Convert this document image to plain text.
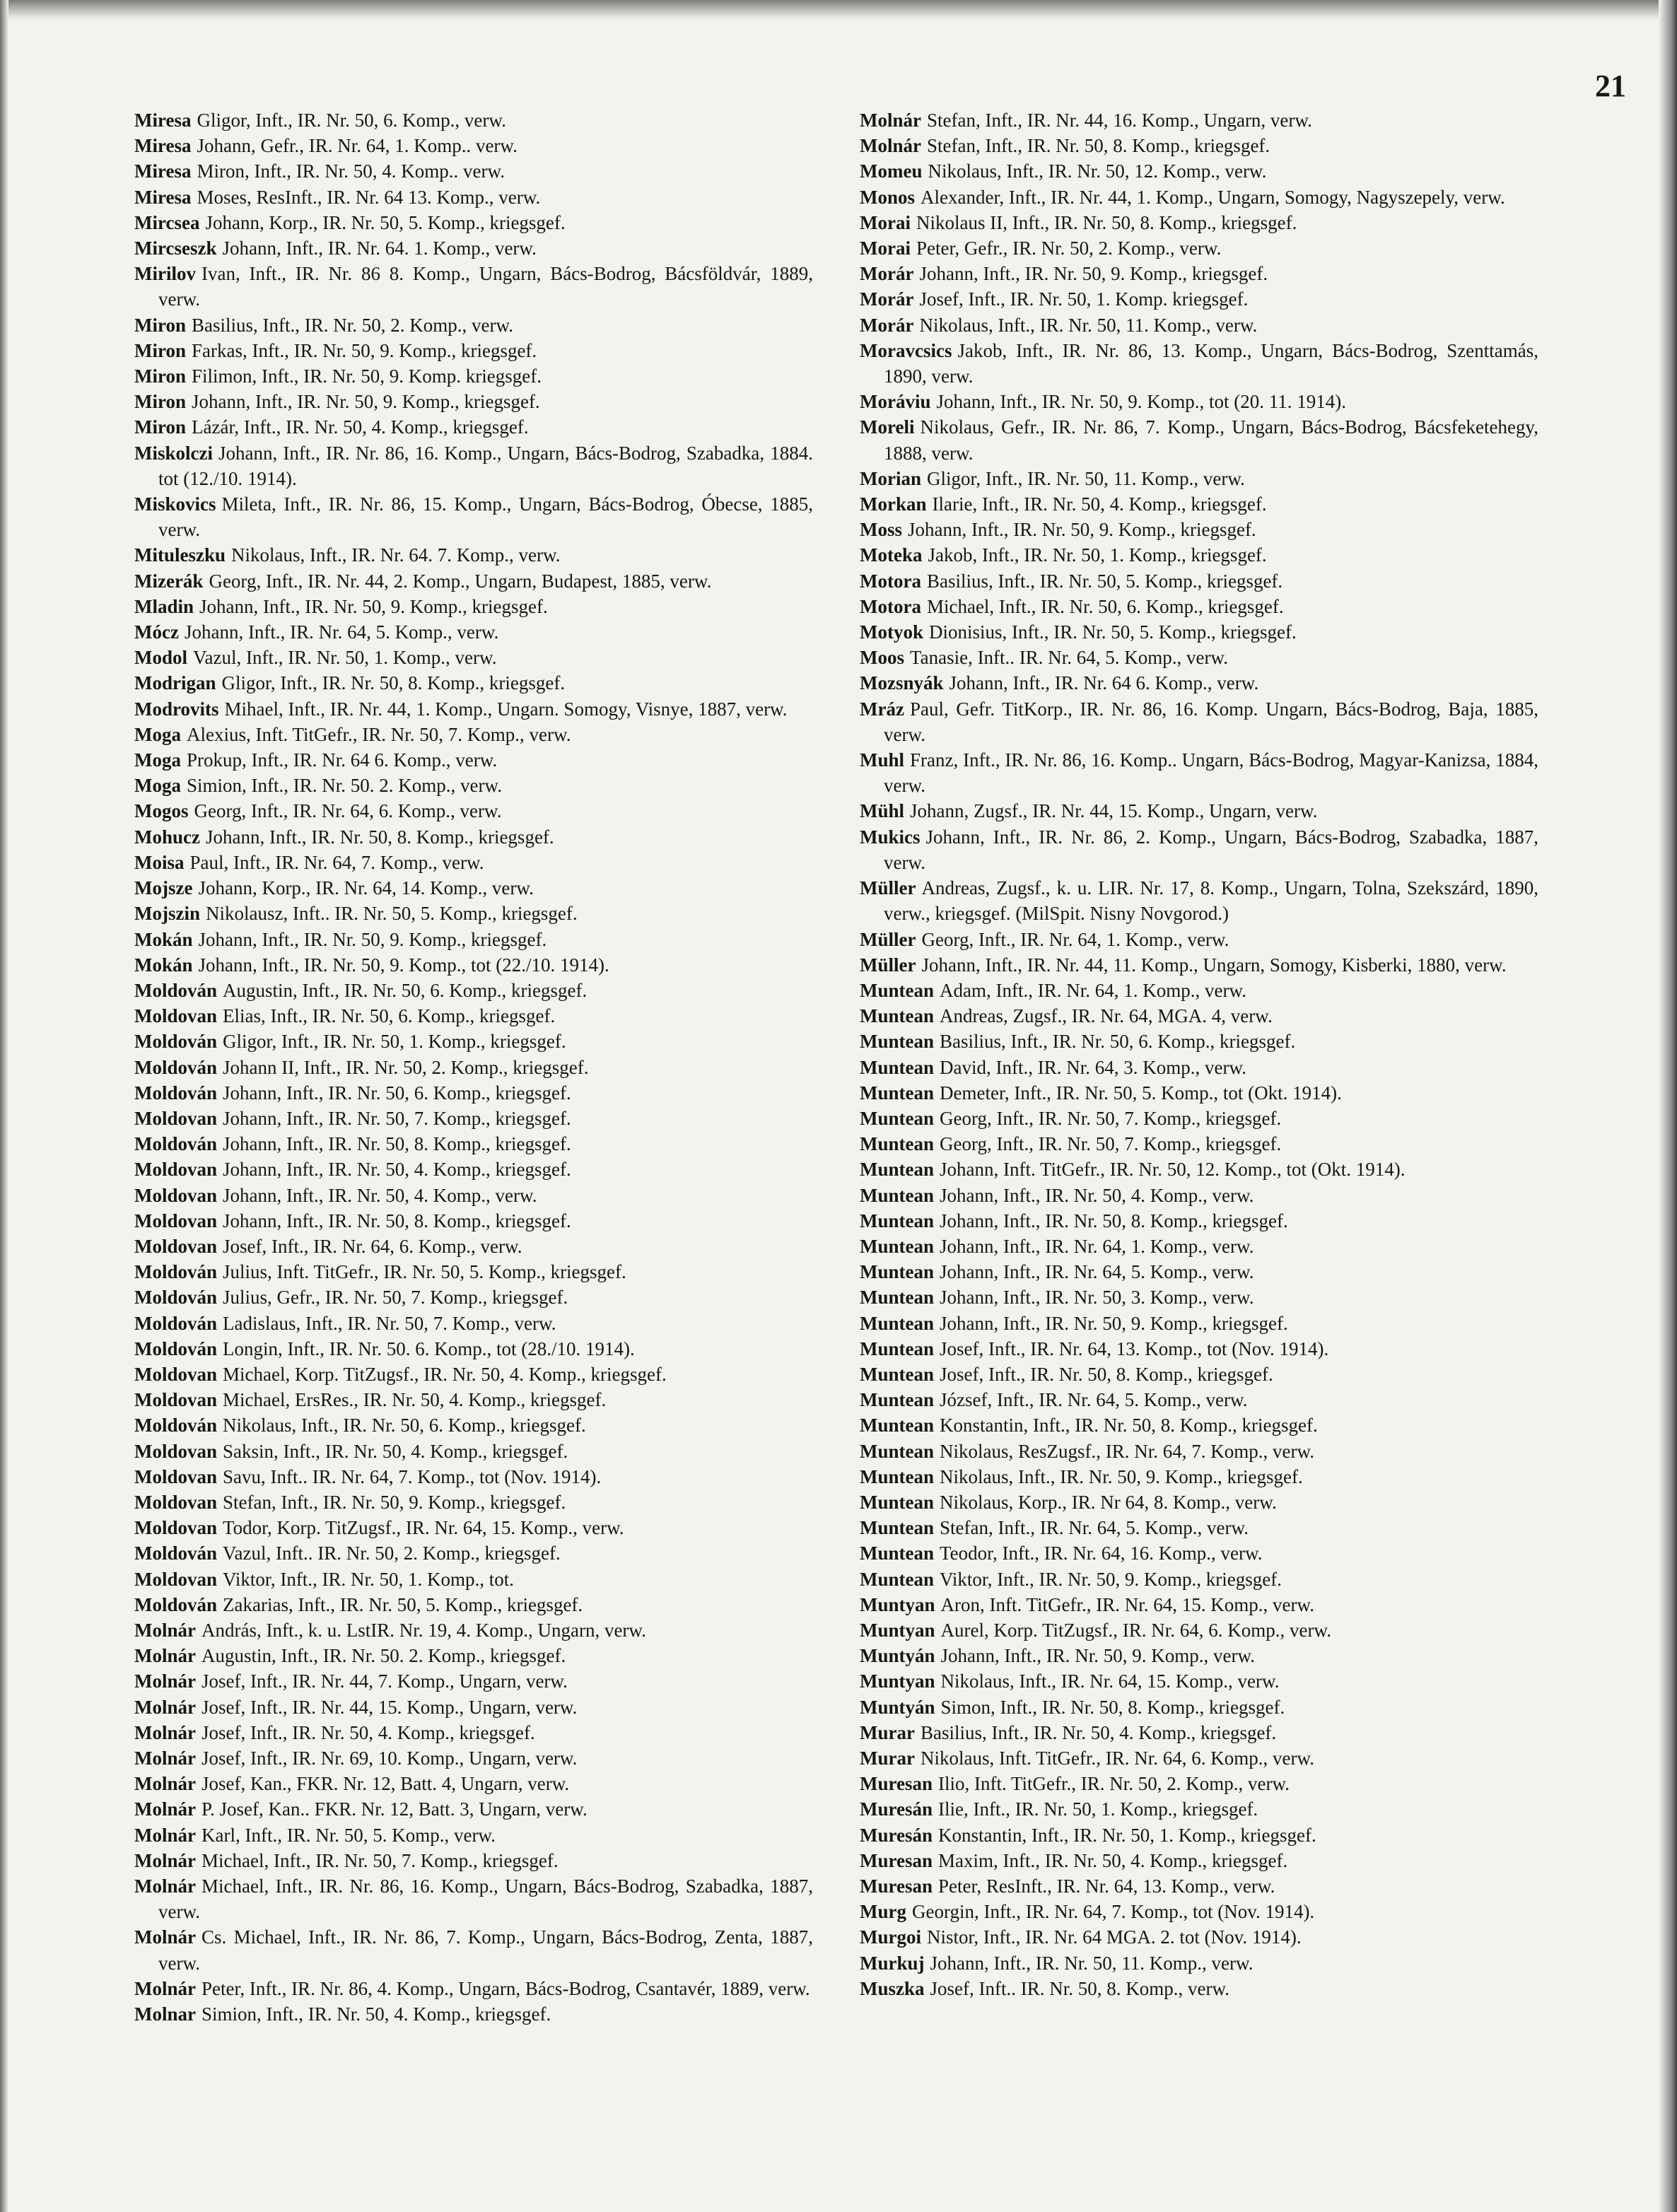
21
Miresa Gligor, Inft., IR. Nr. 50, 6. Komp., verw.
Miresa Johann, Gefr., IR. Nr. 64, 1. Komp.. verw.
Miresa Miron, Inft., IR. Nr. 50, 4. Komp.. verw.
Miresa Moses, ResInft., IR. Nr. 64 13. Komp., verw.
Mircsea Johann, Korp., IR. Nr. 50, 5. Komp., kriegsgef.
Mircseszk Johann, Inft., IR. Nr. 64. 1. Komp., verw.
Mirilov Ivan, Inft., IR. Nr. 86 8. Komp., Ungarn, Bács-Bodrog, Bácsföldvár, 1889, verw.
Miron Basilius, Inft., IR. Nr. 50, 2. Komp., verw.
Miron Farkas, Inft., IR. Nr. 50, 9. Komp., kriegsgef.
Miron Filimon, Inft., IR. Nr. 50, 9. Komp. kriegsgef.
Miron Johann, Inft., IR. Nr. 50, 9. Komp., kriegsgef.
Miron Lázár, Inft., IR. Nr. 50, 4. Komp., kriegsgef.
Miskolczi Johann, Inft., IR. Nr. 86, 16. Komp., Ungarn, Bács-Bodrog, Szabadka, 1884. tot (12./10. 1914).
Miskovics Mileta, Inft., IR. Nr. 86, 15. Komp., Ungarn, Bács-Bodrog, Óbecse, 1885, verw.
Mituleszku Nikolaus, Inft., IR. Nr. 64. 7. Komp., verw.
Mizerák Georg, Inft., IR. Nr. 44, 2. Komp., Ungarn, Budapest, 1885, verw.
Mladin Johann, Inft., IR. Nr. 50, 9. Komp., kriegsgef.
Mócz Johann, Inft., IR. Nr. 64, 5. Komp., verw.
Modol Vazul, Inft., IR. Nr. 50, 1. Komp., verw.
Modrigan Gligor, Inft., IR. Nr. 50, 8. Komp., kriegsgef.
Modrovits Mihael, Inft., IR. Nr. 44, 1. Komp., Ungarn. Somogy, Visnye, 1887, verw.
Moga Alexius, Inft. TitGefr., IR. Nr. 50, 7. Komp., verw.
Moga Prokup, Inft., IR. Nr. 64 6. Komp., verw.
Moga Simion, Inft., IR. Nr. 50. 2. Komp., verw.
Mogos Georg, Inft., IR. Nr. 64, 6. Komp., verw.
Mohucz Johann, Inft., IR. Nr. 50, 8. Komp., kriegsgef.
Moisa Paul, Inft., IR. Nr. 64, 7. Komp., verw.
Mojsze Johann, Korp., IR. Nr. 64, 14. Komp., verw.
Mojszin Nikolausz, Inft.. IR. Nr. 50, 5. Komp., kriegsgef.
Mokán Johann, Inft., IR. Nr. 50, 9. Komp., kriegsgef.
Mokán Johann, Inft., IR. Nr. 50, 9. Komp., tot (22./10. 1914).
Moldován Augustin, Inft., IR. Nr. 50, 6. Komp., kriegsgef.
Moldovan Elias, Inft., IR. Nr. 50, 6. Komp., kriegsgef.
Moldován Gligor, Inft., IR. Nr. 50, 1. Komp., kriegsgef.
Moldován Johann II, Inft., IR. Nr. 50, 2. Komp., kriegsgef.
Moldován Johann, Inft., IR. Nr. 50, 6. Komp., kriegsgef.
Moldovan Johann, Inft., IR. Nr. 50, 7. Komp., kriegsgef.
Moldován Johann, Inft., IR. Nr. 50, 8. Komp., kriegsgef.
Moldovan Johann, Inft., IR. Nr. 50, 4. Komp., kriegsgef.
Moldovan Johann, Inft., IR. Nr. 50, 4. Komp., verw.
Moldovan Johann, Inft., IR. Nr. 50, 8. Komp., kriegsgef.
Moldovan Josef, Inft., IR. Nr. 64, 6. Komp., verw.
Moldován Julius, Inft. TitGefr., IR. Nr. 50, 5. Komp., kriegsgef.
Moldován Julius, Gefr., IR. Nr. 50, 7. Komp., kriegsgef.
Moldován Ladislaus, Inft., IR. Nr. 50, 7. Komp., verw.
Moldován Longin, Inft., IR. Nr. 50. 6. Komp., tot (28./10. 1914).
Moldovan Michael, Korp. TitZugsf., IR. Nr. 50, 4. Komp., kriegsgef.
Moldovan Michael, ErsRes., IR. Nr. 50, 4. Komp., kriegsgef.
Moldován Nikolaus, Inft., IR. Nr. 50, 6. Komp., kriegsgef.
Moldovan Saksin, Inft., IR. Nr. 50, 4. Komp., kriegsgef.
Moldovan Savu, Inft.. IR. Nr. 64, 7. Komp., tot (Nov. 1914).
Moldovan Stefan, Inft., IR. Nr. 50, 9. Komp., kriegsgef.
Moldovan Todor, Korp. TitZugsf., IR. Nr. 64, 15. Komp., verw.
Moldován Vazul, Inft.. IR. Nr. 50, 2. Komp., kriegsgef.
Moldovan Viktor, Inft., IR. Nr. 50, 1. Komp., tot.
Moldován Zakarias, Inft., IR. Nr. 50, 5. Komp., kriegsgef.
Molnár András, Inft., k. u. LstIR. Nr. 19, 4. Komp., Ungarn, verw.
Molnár Augustin, Inft., IR. Nr. 50. 2. Komp., kriegsgef.
Molnár Josef, Inft., IR. Nr. 44, 7. Komp., Ungarn, verw.
Molnár Josef, Inft., IR. Nr. 44, 15. Komp., Ungarn, verw.
Molnár Josef, Inft., IR. Nr. 50, 4. Komp., kriegsgef.
Molnár Josef, Inft., IR. Nr. 69, 10. Komp., Ungarn, verw.
Molnár Josef, Kan., FKR. Nr. 12, Batt. 4, Ungarn, verw.
Molnár P. Josef, Kan.. FKR. Nr. 12, Batt. 3, Ungarn, verw.
Molnár Karl, Inft., IR. Nr. 50, 5. Komp., verw.
Molnár Michael, Inft., IR. Nr. 50, 7. Komp., kriegsgef.
Molnár Michael, Inft., IR. Nr. 86, 16. Komp., Ungarn, Bács-Bodrog, Szabadka, 1887, verw.
Molnár Cs. Michael, Inft., IR. Nr. 86, 7. Komp., Ungarn, Bács-Bodrog, Zenta, 1887, verw.
Molnár Peter, Inft., IR. Nr. 86, 4. Komp., Ungarn, Bács-Bodrog, Csantavér, 1889, verw.
Molnar Simion, Inft., IR. Nr. 50, 4. Komp., kriegsgef.
Molnár Stefan, Inft., IR. Nr. 44, 16. Komp., Ungarn, verw.
Molnár Stefan, Inft., IR. Nr. 50, 8. Komp., kriegsgef.
Momeu Nikolaus, Inft., IR. Nr. 50, 12. Komp., verw.
Monos Alexander, Inft., IR. Nr. 44, 1. Komp., Ungarn, Somogy, Nagyszepely, verw.
Morai Nikolaus II, Inft., IR. Nr. 50, 8. Komp., kriegsgef.
Morai Peter, Gefr., IR. Nr. 50, 2. Komp., verw.
Morár Johann, Inft., IR. Nr. 50, 9. Komp., kriegsgef.
Morár Josef, Inft., IR. Nr. 50, 1. Komp. kriegsgef.
Morár Nikolaus, Inft., IR. Nr. 50, 11. Komp., verw.
Moravcsics Jakob, Inft., IR. Nr. 86, 13. Komp., Ungarn, Bács-Bodrog, Szenttamás, 1890, verw.
Moráviu Johann, Inft., IR. Nr. 50, 9. Komp., tot (20. 11. 1914).
Moreli Nikolaus, Gefr., IR. Nr. 86, 7. Komp., Ungarn, Bács-Bodrog, Bácsfeketehegy, 1888, verw.
Morian Gligor, Inft., IR. Nr. 50, 11. Komp., verw.
Morkan Ilarie, Inft., IR. Nr. 50, 4. Komp., kriegsgef.
Moss Johann, Inft., IR. Nr. 50, 9. Komp., kriegsgef.
Moteka Jakob, Inft., IR. Nr. 50, 1. Komp., kriegsgef.
Motora Basilius, Inft., IR. Nr. 50, 5. Komp., kriegsgef.
Motora Michael, Inft., IR. Nr. 50, 6. Komp., kriegsgef.
Motyok Dionisius, Inft., IR. Nr. 50, 5. Komp., kriegsgef.
Moos Tanasie, Inft.. IR. Nr. 64, 5. Komp., verw.
Mozsnyák Johann, Inft., IR. Nr. 64 6. Komp., verw.
Mráz Paul, Gefr. TitKorp., IR. Nr. 86, 16. Komp. Ungarn, Bács-Bodrog, Baja, 1885, verw.
Muhl Franz, Inft., IR. Nr. 86, 16. Komp.. Ungarn, Bács-Bodrog, Magyar-Kanizsa, 1884, verw.
Mühl Johann, Zugsf., IR. Nr. 44, 15. Komp., Ungarn, verw.
Mukics Johann, Inft., IR. Nr. 86, 2. Komp., Ungarn, Bács-Bodrog, Szabadka, 1887, verw.
Müller Andreas, Zugsf., k. u. LIR. Nr. 17, 8. Komp., Ungarn, Tolna, Szekszárd, 1890, verw., kriegsgef. (MilSpit. Nisny Novgorod.)
Müller Georg, Inft., IR. Nr. 64, 1. Komp., verw.
Müller Johann, Inft., IR. Nr. 44, 11. Komp., Ungarn, Somogy, Kisberki, 1880, verw.
Muntean Adam, Inft., IR. Nr. 64, 1. Komp., verw.
Muntean Andreas, Zugsf., IR. Nr. 64, MGA. 4, verw.
Muntean Basilius, Inft., IR. Nr. 50, 6. Komp., kriegsgef.
Muntean David, Inft., IR. Nr. 64, 3. Komp., verw.
Muntean Demeter, Inft., IR. Nr. 50, 5. Komp., tot (Okt. 1914).
Muntean Georg, Inft., IR. Nr. 50, 7. Komp., kriegsgef.
Muntean Georg, Inft., IR. Nr. 50, 7. Komp., kriegsgef.
Muntean Johann, Inft. TitGefr., IR. Nr. 50, 12. Komp., tot (Okt. 1914).
Muntean Johann, Inft., IR. Nr. 50, 4. Komp., verw.
Muntean Johann, Inft., IR. Nr. 50, 8. Komp., kriegsgef.
Muntean Johann, Inft., IR. Nr. 64, 1. Komp., verw.
Muntean Johann, Inft., IR. Nr. 64, 5. Komp., verw.
Muntean Johann, Inft., IR. Nr. 50, 3. Komp., verw.
Muntean Johann, Inft., IR. Nr. 50, 9. Komp., kriegsgef.
Muntean Josef, Inft., IR. Nr. 64, 13. Komp., tot (Nov. 1914).
Muntean Josef, Inft., IR. Nr. 50, 8. Komp., kriegsgef.
Muntean József, Inft., IR. Nr. 64, 5. Komp., verw.
Muntean Konstantin, Inft., IR. Nr. 50, 8. Komp., kriegsgef.
Muntean Nikolaus, ResZugsf., IR. Nr. 64, 7. Komp., verw.
Muntean Nikolaus, Inft., IR. Nr. 50, 9. Komp., kriegsgef.
Muntean Nikolaus, Korp., IR. Nr 64, 8. Komp., verw.
Muntean Stefan, Inft., IR. Nr. 64, 5. Komp., verw.
Muntean Teodor, Inft., IR. Nr. 64, 16. Komp., verw.
Muntean Viktor, Inft., IR. Nr. 50, 9. Komp., kriegsgef.
Muntyan Aron, Inft. TitGefr., IR. Nr. 64, 15. Komp., verw.
Muntyan Aurel, Korp. TitZugsf., IR. Nr. 64, 6. Komp., verw.
Muntyán Johann, Inft., IR. Nr. 50, 9. Komp., verw.
Muntyan Nikolaus, Inft., IR. Nr. 64, 15. Komp., verw.
Muntyán Simon, Inft., IR. Nr. 50, 8. Komp., kriegsgef.
Murar Basilius, Inft., IR. Nr. 50, 4. Komp., kriegsgef.
Murar Nikolaus, Inft. TitGefr., IR. Nr. 64, 6. Komp., verw.
Muresan Ilio, Inft. TitGefr., IR. Nr. 50, 2. Komp., verw.
Muresán Ilie, Inft., IR. Nr. 50, 1. Komp., kriegsgef.
Muresán Konstantin, Inft., IR. Nr. 50, 1. Komp., kriegsgef.
Muresan Maxim, Inft., IR. Nr. 50, 4. Komp., kriegsgef.
Muresan Peter, ResInft., IR. Nr. 64, 13. Komp., verw.
Murg Georgin, Inft., IR. Nr. 64, 7. Komp., tot (Nov. 1914).
Murgoi Nistor, Inft., IR. Nr. 64 MGA. 2. tot (Nov. 1914).
Murkuj Johann, Inft., IR. Nr. 50, 11. Komp., verw.
Muszka Josef, Inft.. IR. Nr. 50, 8. Komp., verw.
